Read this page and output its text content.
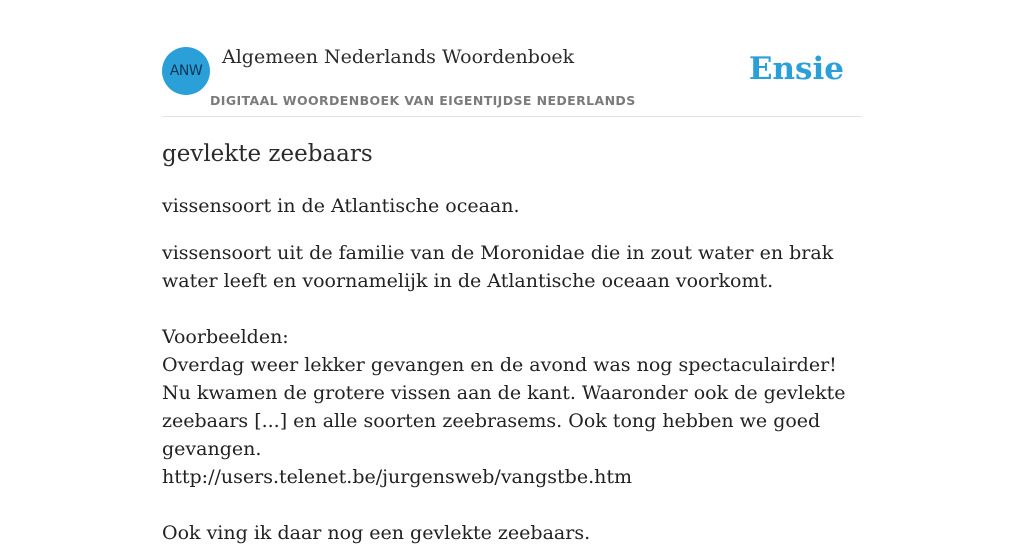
ANW
Algemeen Nederlands Woordenboek
DIGITAAL WOORDENBOEK VAN EIGENTIJDSE NEDERLANDS
Ensie
gevlekte zeebaars

vissensoort in de Atlantische oceaan.

vissensoort uit de familie van de Moronidae die in zout water en brak water leeft en voornamelijk in de Atlantische oceaan voorkomt.

Voorbeelden:
Overdag weer lekker gevangen en de avond was nog spectaculairder! Nu kwamen de grotere vissen aan de kant. Waaronder ook de gevlekte zeebaars [...] en alle soorten zeebrasems. Ook tong hebben we goed gevangen.
http://users.telenet.be/jurgensweb/vangstbe.htm
Ook ving ik daar nog een gevlekte zeebaars.
